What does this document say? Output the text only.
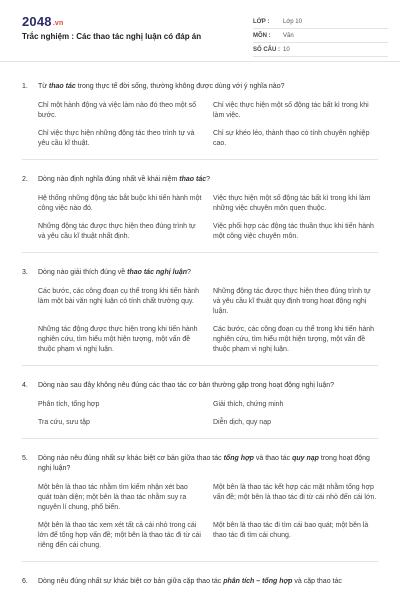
2048.vn
Trắc nghiệm : Các thao tác nghị luận có đáp án
LỚP :	Lớp 10
MÔN :	Văn
SỐ CÂU : 10
1.	Từ thao tác trong thực tế đời sống, thường không được dùng với ý nghĩa nào?
Chỉ một hành động và việc làm nào đó theo một số bước.
Chỉ việc thực hiện một số động tác bất kì trong khi làm việc.
Chỉ việc thực hiện những động tác theo trình tự và yêu cầu kĩ thuật.
Chỉ sự khéo léo, thành thạo có tính chuyên nghiệp cao.
2.	Dòng nào định nghĩa đúng nhất về khái niệm thao tác?
Hệ thống những động tác bắt buộc khi tiến hành một công việc nào đó.
Việc thực hiện một số động tác bất kì trong khi làm những việc chuyên môn quen thuộc.
Những động tác được thực hiện theo đúng trình tự và yêu cầu kĩ thuật nhất định.
Việc phối hợp các động tác thuần thục khi tiến hành một công việc chuyên môn.
3.	Dòng nào giải thích đúng về thao tác nghị luận?
Các bước, các công đoạn cụ thể trong khi tiến hành làm một bài văn nghị luận có tính chất trường quy.
Những động tác được thực hiện theo đúng trình tự và yêu cầu kĩ thuật quy định trong hoạt động nghị luận.
Những tác động được thực hiện trong khi tiến hành nghiên cứu, tìm hiểu một hiện tượng, một vấn đề thuộc phạm vi nghị luận.
Các bước, các công đoạn cụ thể trong khi tiến hành nghiên cứu, tìm hiểu một hiện tượng, một vấn đề thuộc phạm vi nghị luận.
4.	Dòng nào sau đây không nêu đúng các thao tác cơ bản thường gặp trong hoạt động nghị luận?
Phân tích, tổng hợp	Giải thích, chứng minh
Tra cứu, sưu tập	Diễn dịch, quy nạp
5.	Dòng nào nêu đúng nhất sự khác biệt cơ bản giữa thao tác tổng hợp và thao tác quy nạp trong hoạt động nghị luận?
Một bên là thao tác nhằm tìm kiếm nhận xét bao quát toàn diện; một bên là thao tác nhằm suy ra nguyên lí chung, phổ biến.
Một bên là thao tác kết hợp các mặt nhằm tổng hợp vấn đề; một bên là thao tác đi từ cái nhỏ đến cái lớn.
Một bên là thao tác xem xét tất cả cái nhỏ trong cái lớn để tổng hợp vấn đề; một bên là thao tác đi từ cái riêng đến cái chung.
Một bên là thao tác đi tìm cái bao quát; một bên là thao tác đi tìm cái chung.
6.	Dòng nêu đúng nhất sự khác biệt cơ bản giữa cặp thao tác phân tích – tổng hợp và cặp thao tác
